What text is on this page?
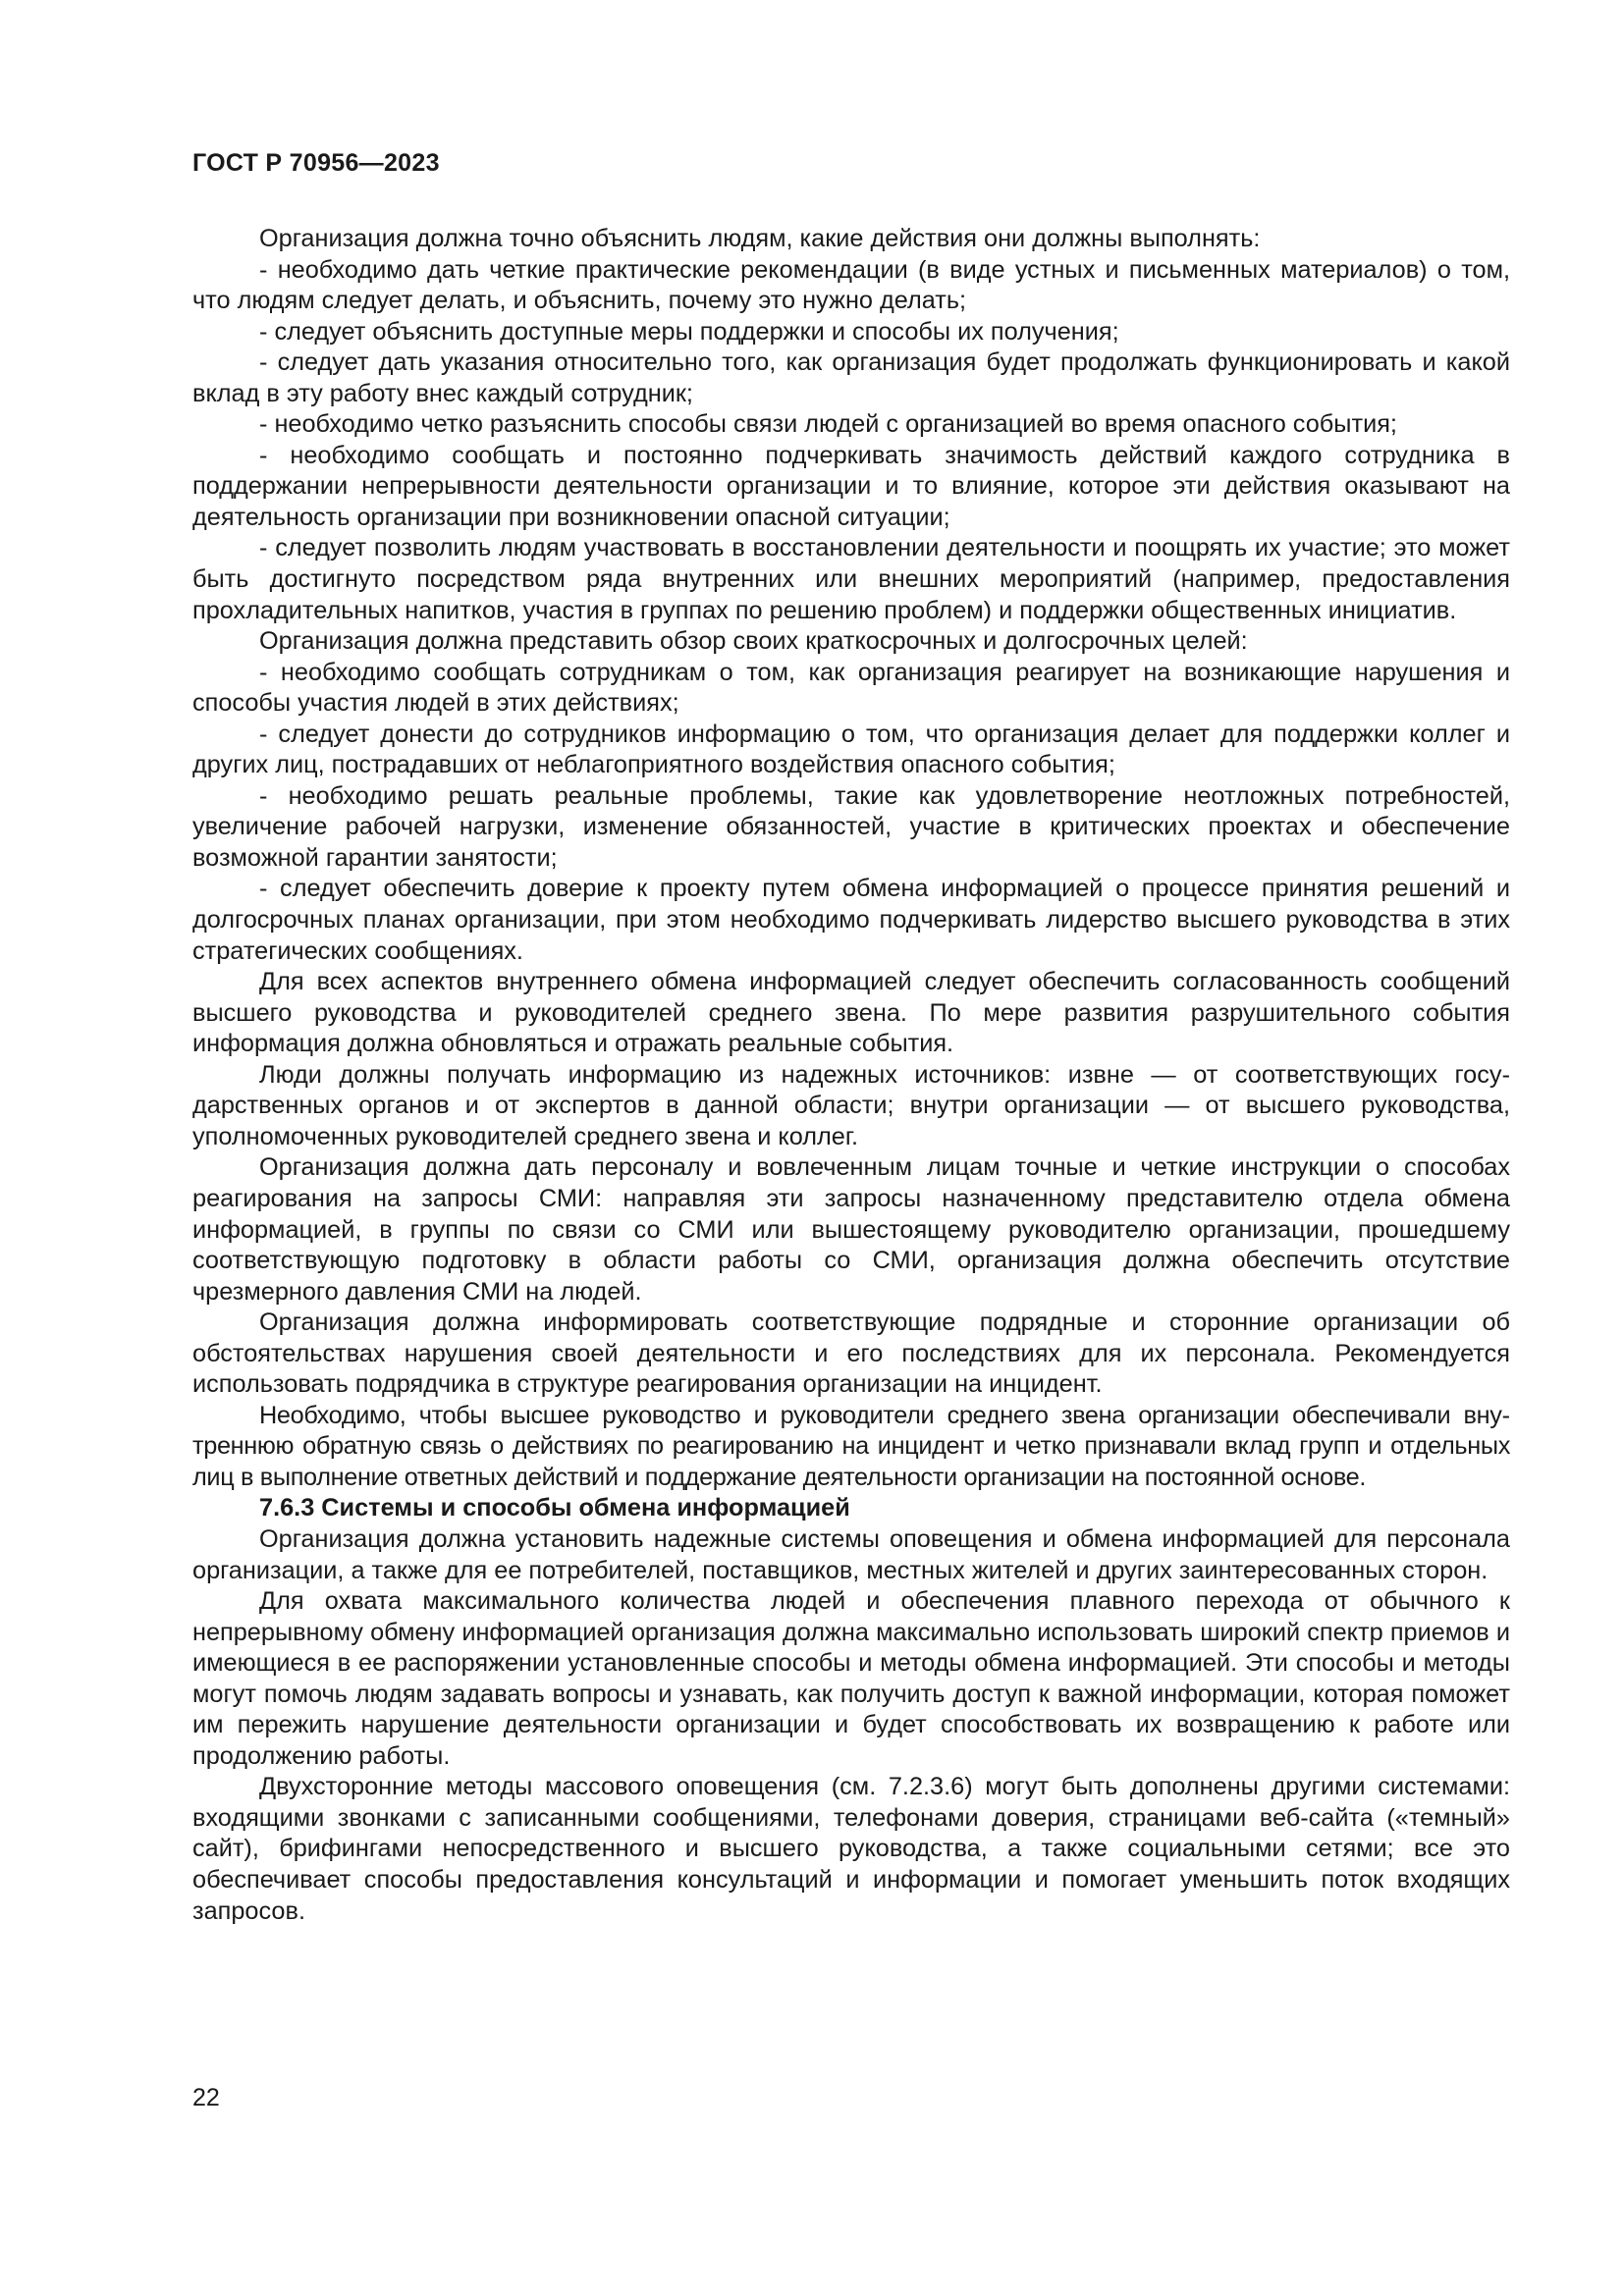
ГОСТ Р 70956—2023

Организация должна точно объяснить людям, какие действия они должны выполнять:

- необходимо дать четкие практические рекомендации (в виде устных и письменных материалов) о том, что людям следует делать, и объяснить, почему это нужно делать;

- следует объяснить доступные меры поддержки и способы их получения;

- следует дать указания относительно того, как организация будет продолжать функционировать и какой вклад в эту работу внес каждый сотрудник;

- необходимо четко разъяснить способы связи людей с организацией во время опасного события;

- необходимо сообщать и постоянно подчеркивать значимость действий каждого сотрудника в поддержании непрерывности деятельности организации и то влияние, которое эти действия оказывают на деятельность организации при возникновении опасной ситуации;

- следует позволить людям участвовать в восстановлении деятельности и поощрять их участие; это может быть достигнуто посредством ряда внутренних или внешних мероприятий (например, предоставления прохладительных напитков, участия в группах по решению проблем) и поддержки общественных инициатив.

Организация должна представить обзор своих краткосрочных и долгосрочных целей:

- необходимо сообщать сотрудникам о том, как организация реагирует на возникающие нарушения и способы участия людей в этих действиях;

- следует донести до сотрудников информацию о том, что организация делает для поддержки коллег и других лиц, пострадавших от неблагоприятного воздействия опасного события;

- необходимо решать реальные проблемы, такие как удовлетворение неотложных потребностей, увеличение рабочей нагрузки, изменение обязанностей, участие в критических проектах и обеспечение возможной гарантии занятости;

- следует обеспечить доверие к проекту путем обмена информацией о процессе принятия решений и долгосрочных планах организации, при этом необходимо подчеркивать лидерство высшего руководства в этих стратегических сообщениях.

Для всех аспектов внутреннего обмена информацией следует обеспечить согласованность сообщений высшего руководства и руководителей среднего звена. По мере развития разрушительного события информация должна обновляться и отражать реальные события.

Люди должны получать информацию из надежных источников: извне — от соответствующих государственных органов и от экспертов в данной области; внутри организации — от высшего руководства, уполномоченных руководителей среднего звена и коллег.

Организация должна дать персоналу и вовлеченным лицам точные и четкие инструкции о способах реагирования на запросы СМИ: направляя эти запросы назначенному представителю отдела обмена информацией, в группы по связи со СМИ или вышестоящему руководителю организации, прошедшему соответствующую подготовку в области работы со СМИ, организация должна обеспечить отсутствие чрезмерного давления СМИ на людей.

Организация должна информировать соответствующие подрядные и сторонние организации об обстоятельствах нарушения своей деятельности и его последствиях для их персонала. Рекомендуется использовать подрядчика в структуре реагирования организации на инцидент.

Необходимо, чтобы высшее руководство и руководители среднего звена организации обеспечивали внутреннюю обратную связь о действиях по реагированию на инцидент и четко признавали вклад групп и отдельных лиц в выполнение ответных действий и поддержание деятельности организации на постоянной основе.

7.6.3 Системы и способы обмена информацией

Организация должна установить надежные системы оповещения и обмена информацией для персонала организации, а также для ее потребителей, поставщиков, местных жителей и других заинтересованных сторон.

Для охвата максимального количества людей и обеспечения плавного перехода от обычного к непрерывному обмену информацией организация должна максимально использовать широкий спектр приемов и имеющиеся в ее распоряжении установленные способы и методы обмена информацией. Эти способы и методы могут помочь людям задавать вопросы и узнавать, как получить доступ к важной информации, которая поможет им пережить нарушение деятельности организации и будет способствовать их возвращению к работе или продолжению работы.

Двухсторонние методы массового оповещения (см. 7.2.3.6) могут быть дополнены другими системами: входящими звонками с записанными сообщениями, телефонами доверия, страницами веб-сайта («темный» сайт), брифингами непосредственного и высшего руководства, а также социальными сетями; все это обеспечивает способы предоставления консультаций и информации и помогает уменьшить поток входящих запросов.

22
